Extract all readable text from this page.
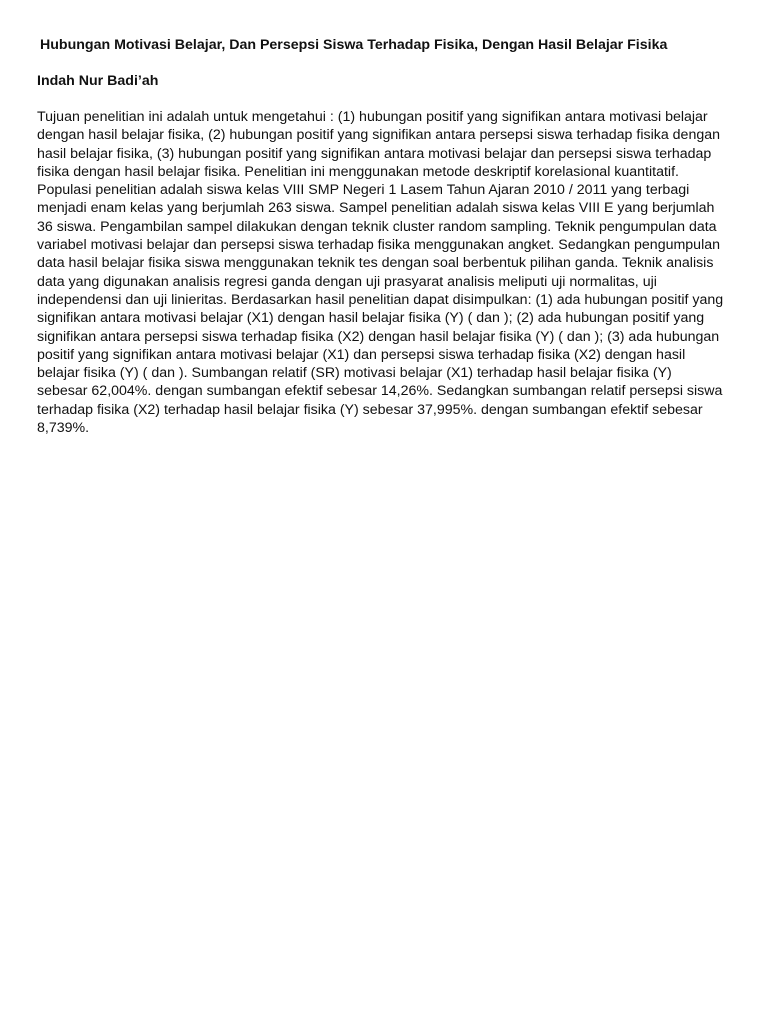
Hubungan Motivasi Belajar, Dan Persepsi Siswa Terhadap Fisika, Dengan Hasil Belajar Fisika
Indah Nur Badi’ah
Tujuan penelitian ini adalah untuk mengetahui : (1) hubungan positif yang signifikan antara motivasi belajar
dengan hasil belajar fisika, (2) hubungan positif yang signifikan antara persepsi siswa terhadap fisika dengan
hasil belajar fisika, (3) hubungan positif yang signifikan antara motivasi belajar dan persepsi siswa terhadap
fisika dengan hasil belajar fisika. Penelitian ini menggunakan metode deskriptif korelasional kuantitatif.
Populasi penelitian adalah siswa kelas VIII SMP Negeri 1 Lasem Tahun Ajaran 2010 / 2011 yang terbagi
menjadi enam kelas yang berjumlah 263 siswa. Sampel penelitian adalah siswa kelas VIII E yang berjumlah
36 siswa. Pengambilan sampel dilakukan dengan teknik cluster random sampling. Teknik pengumpulan data
variabel motivasi belajar dan persepsi siswa terhadap fisika menggunakan angket. Sedangkan pengumpulan
data hasil belajar fisika siswa menggunakan teknik tes dengan soal berbentuk pilihan ganda. Teknik analisis
data yang digunakan analisis regresi ganda dengan uji prasyarat analisis meliputi uji normalitas, uji
independensi dan uji linieritas. Berdasarkan hasil penelitian dapat disimpulkan: (1) ada hubungan positif yang
signifikan antara motivasi belajar (X1) dengan hasil belajar fisika (Y) ( dan ); (2) ada hubungan positif yang
signifikan antara persepsi siswa terhadap fisika (X2) dengan hasil belajar fisika (Y) ( dan ); (3) ada hubungan
positif yang signifikan antara motivasi belajar (X1) dan persepsi siswa terhadap fisika (X2) dengan hasil
belajar fisika (Y) ( dan ). Sumbangan relatif (SR) motivasi belajar (X1) terhadap hasil belajar fisika (Y)
sebesar 62,004%. dengan sumbangan efektif sebesar 14,26%. Sedangkan sumbangan relatif persepsi siswa
terhadap fisika (X2) terhadap hasil belajar fisika (Y) sebesar 37,995%. dengan sumbangan efektif sebesar
8,739%.
